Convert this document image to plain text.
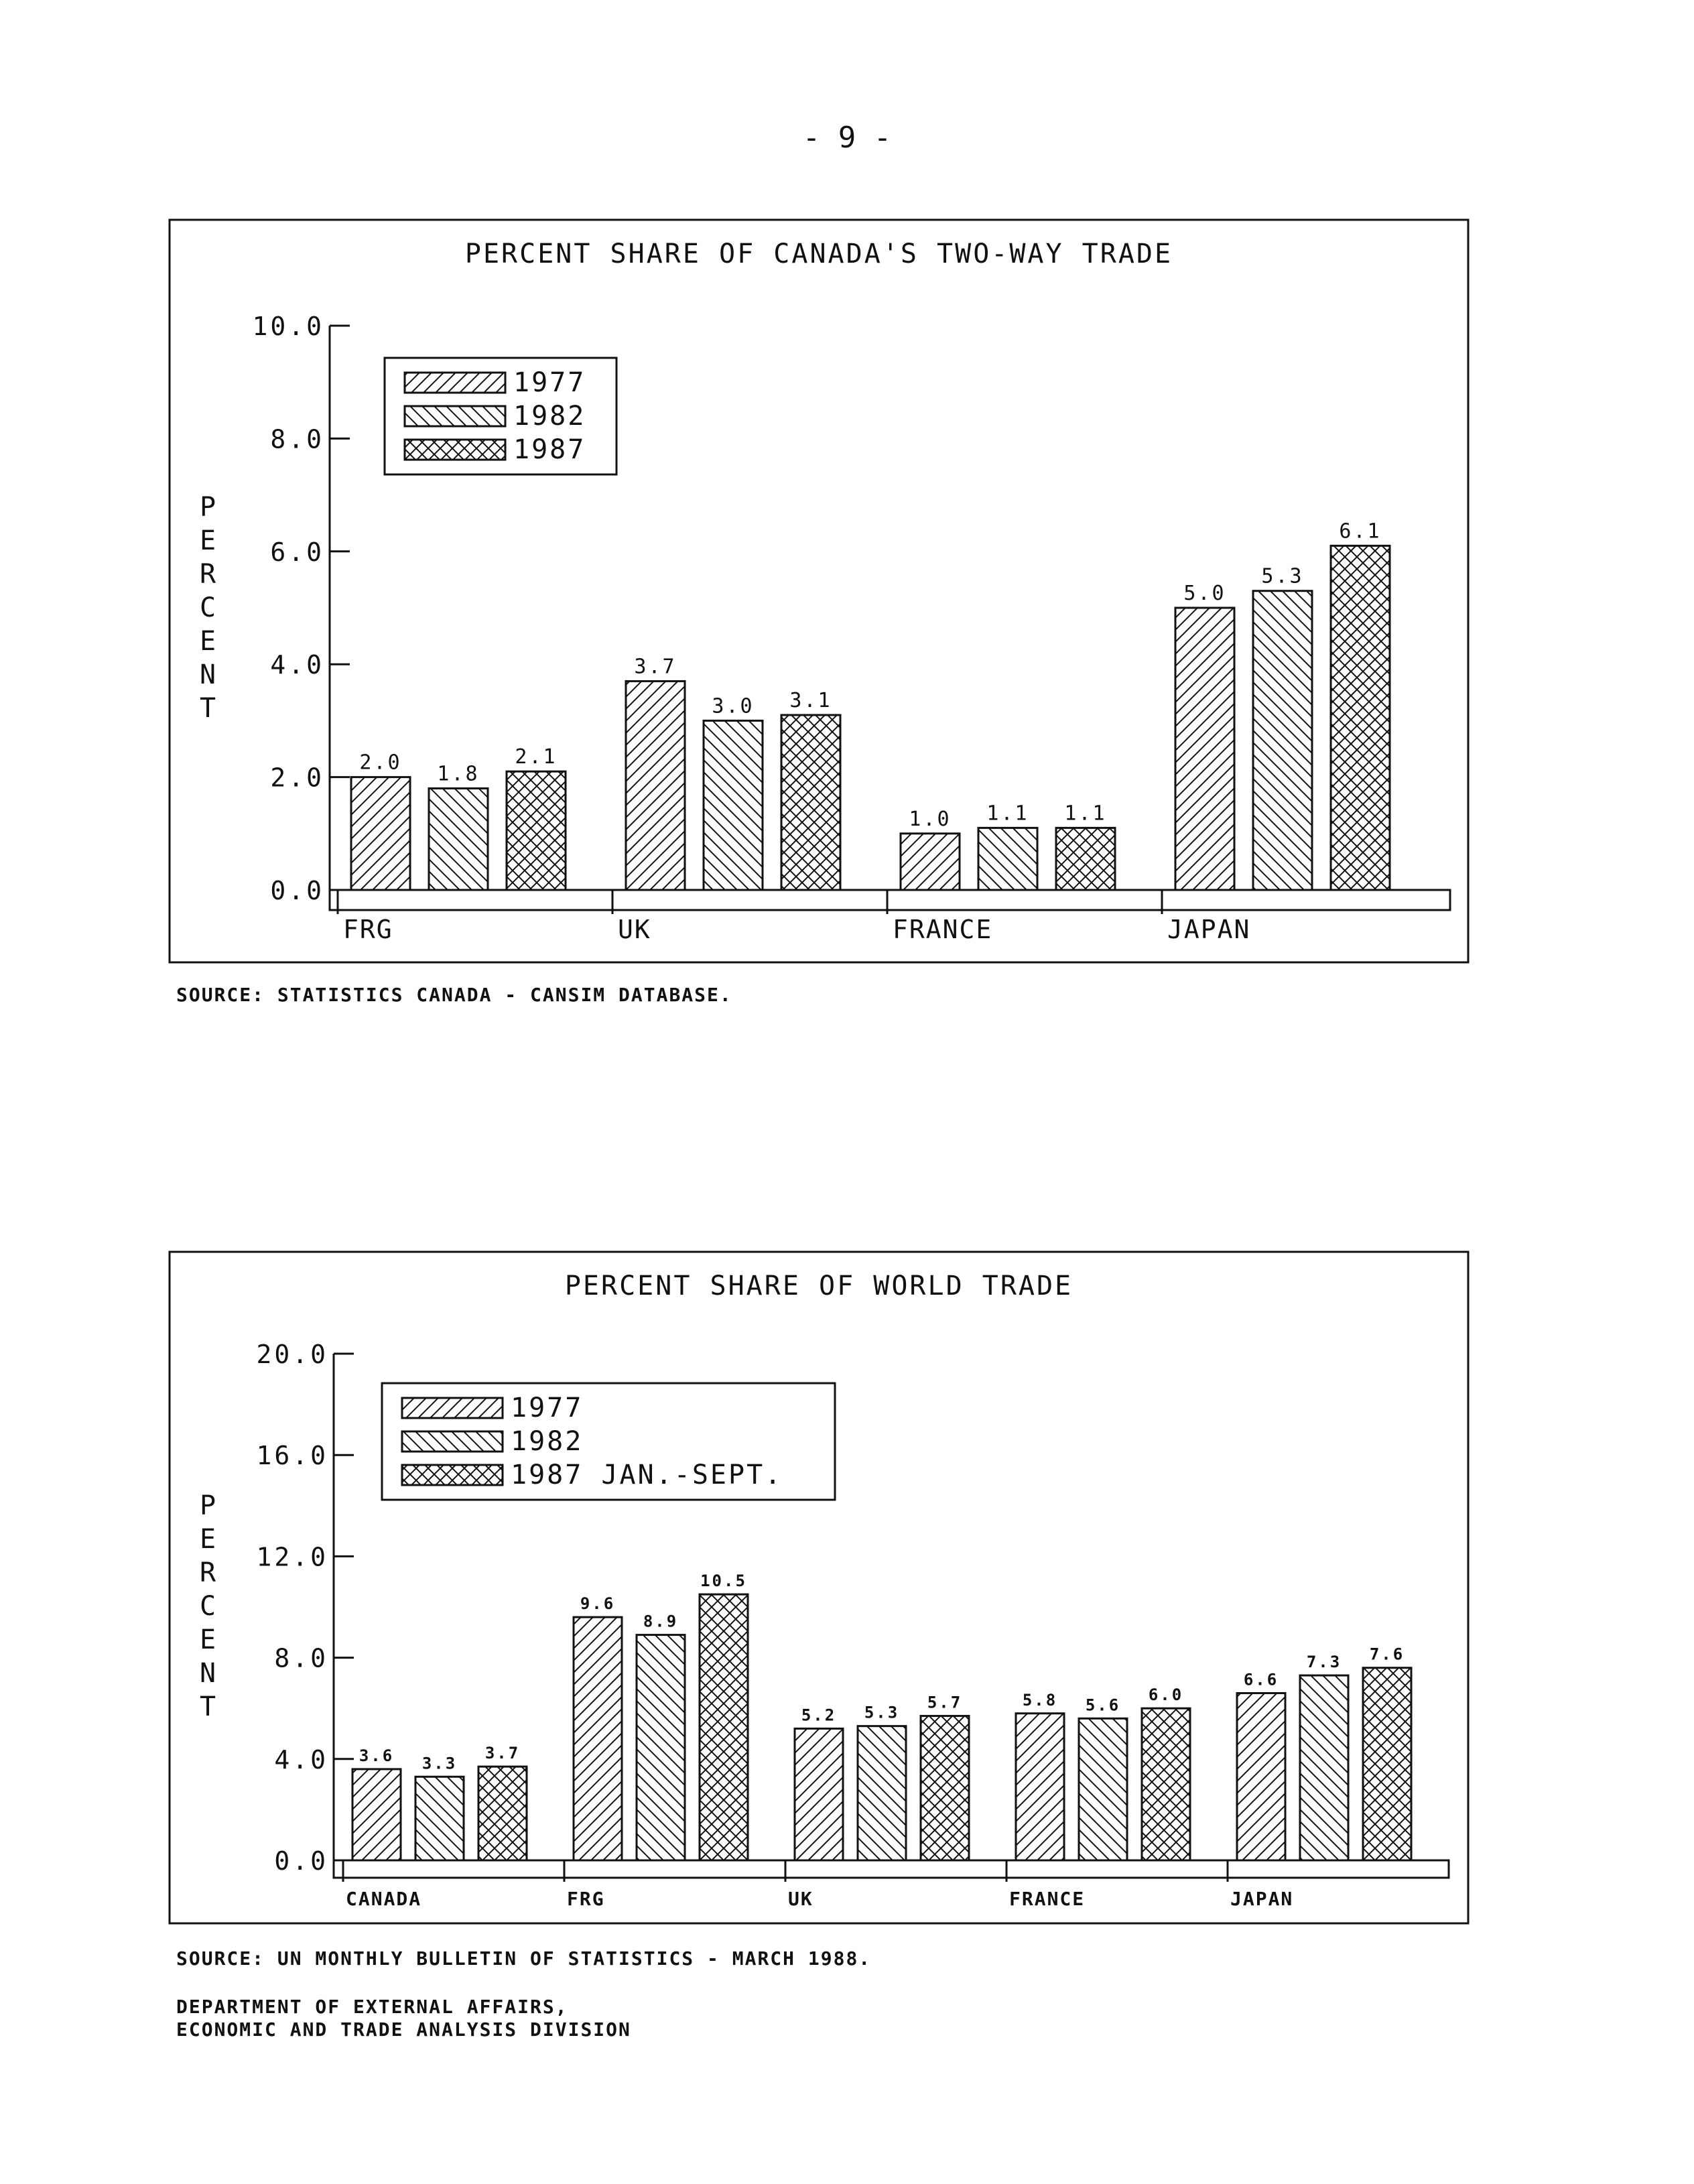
- 9 -
PERCENT SHARE OF CANADA'S TWO-WAY TRADE
0.0
2.0
4.0
6.0
8.0
10.0
P E R C E N T
FRG
2.0 1.8
2.1
UK
3.7
3.0 3.1
FRANCE
1.0 1.1 1.1
JAPAN
5.0
5.3
6.1
1977
1982
1987
SOURCE: STATISTICS CANADA - CANSIM DATABASE.
PERCENT SHARE OF WORLD TRADE
0.0
4.0
8.0
12.0
16.0
20.0
P E R C E N T
CANADA
3.6 3.3
3.7
FRG
9.6
8.9
10.5
UK
5.2 5.3
5.7
FRANCE
5.8 5.6
6.0
JAPAN
6.6
7.3 7.6
1977
1982
1987 JAN.-SEPT.
SOURCE: UN MONTHLY BULLETIN OF STATISTICS - MARCH 1988.
DEPARTMENT OF EXTERNAL AFFAIRS,
ECONOMIC AND TRADE ANALYSIS DIVISION
